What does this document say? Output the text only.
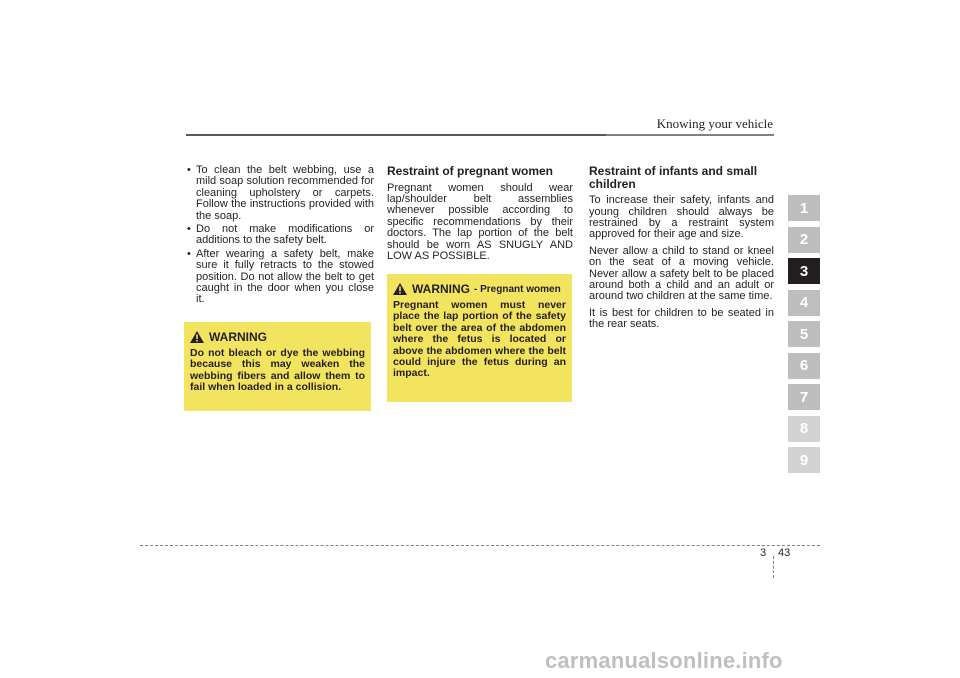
Knowing your vehicle
• To clean the belt webbing, use a mild soap solution recommended for cleaning upholstery or carpets. Follow the instructions provided with the soap.
• Do not make modifications or additions to the safety belt.
• After wearing a safety belt, make sure it fully retracts to the stowed position. Do not allow the belt to get caught in the door when you close it.
WARNING
Do not bleach or dye the webbing because this may weaken the webbing fibers and allow them to fail when loaded in a collision.
Restraint of pregnant women
Pregnant women should wear lap/shoulder belt assemblies whenever possible according to specific recommendations by their doctors. The lap portion of the belt should be worn AS SNUGLY AND LOW AS POSSIBLE.
WARNING - Pregnant women
Pregnant women must never place the lap portion of the safety belt over the area of the abdomen where the fetus is located or above the abdomen where the belt could injure the fetus during an impact.
Restraint of infants and small children
To increase their safety, infants and young children should always be restrained by a restraint system approved for their age and size.
Never allow a child to stand or kneel on the seat of a moving vehicle. Never allow a safety belt to be placed around both a child and an adult or around two children at the same time.
It is best for children to be seated in the rear seats.
1
2
3
4
5
6
7
8
9
3 43
carmanualsonline.info
